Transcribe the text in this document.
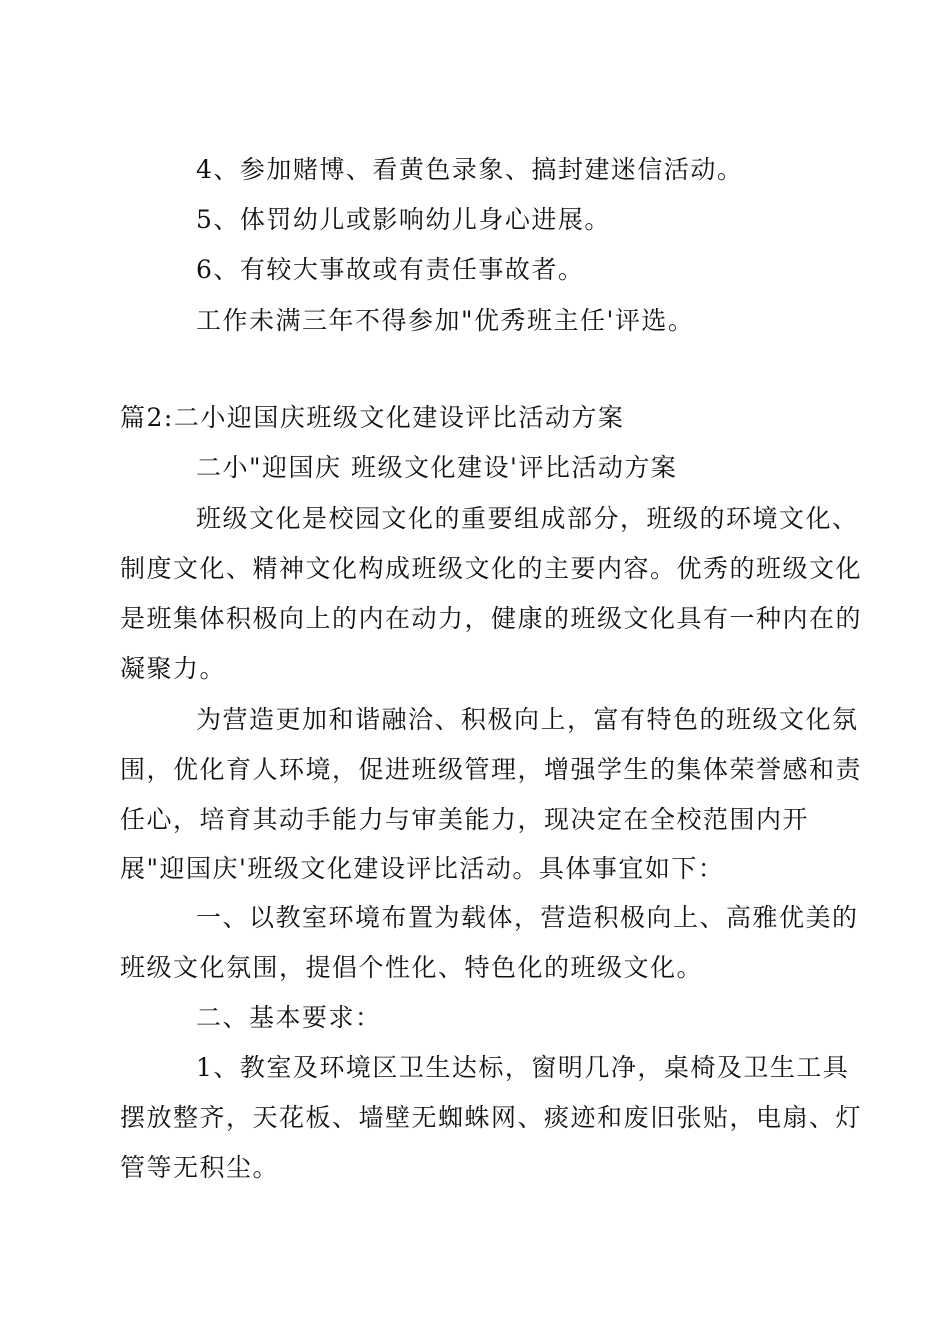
4、参加赌博、看黄色录象、搞封建迷信活动。
5、体罚幼儿或影响幼儿身心进展。
6、有较大事故或有责任事故者。
工作未满三年不得参加"优秀班主任'评选。
篇2:二小迎国庆班级文化建设评比活动方案
二小"迎国庆 班级文化建设'评比活动方案
班级文化是校园文化的重要组成部分，班级的环境文化、
制度文化、精神文化构成班级文化的主要内容。优秀的班级文化
是班集体积极向上的内在动力，健康的班级文化具有一种内在的
凝聚力。
为营造更加和谐融洽、积极向上，富有特色的班级文化氛
围，优化育人环境，促进班级管理，增强学生的集体荣誉感和责
任心，培育其动手能力与审美能力，现决定在全校范围内开
展"迎国庆'班级文化建设评比活动。具体事宜如下：
一、以教室环境布置为载体，营造积极向上、高雅优美的
班级文化氛围，提倡个性化、特色化的班级文化。
二、基本要求：
1、教室及环境区卫生达标，窗明几净，桌椅及卫生工具
摆放整齐，天花板、墙壁无蜘蛛网、痰迹和废旧张贴，电扇、灯
管等无积尘。
